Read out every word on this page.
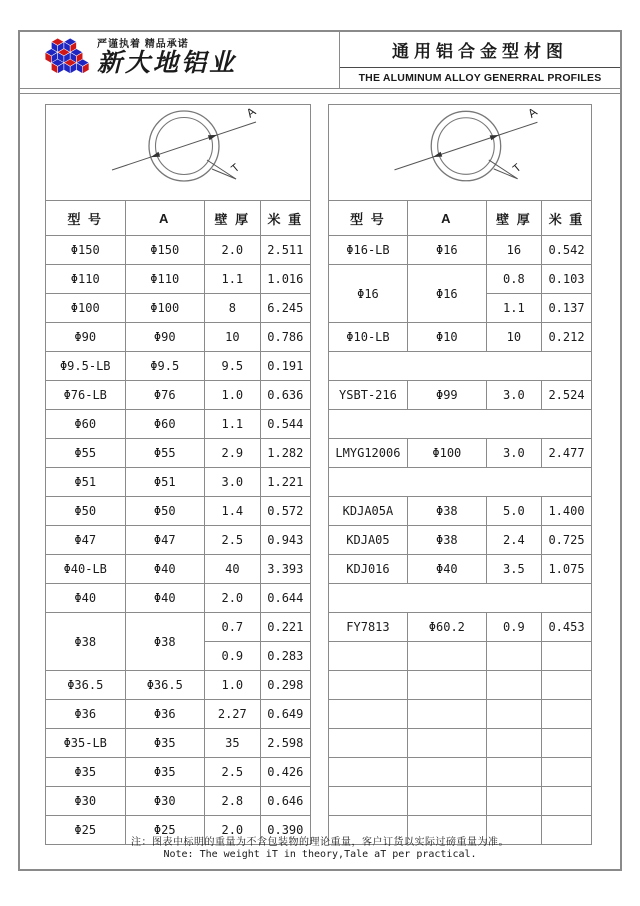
严谨执着 精品承诺
新大地铝业	通用铝合金型材图
THE ALUMINUM ALLOY GENERRAL PROFILES
A
T
型 号	A	壁 厚	米 重
Φ150	Φ150	2.0	2.511
Φ110	Φ110	1.1	1.016
Φ100	Φ100	8	6.245
Φ90	Φ90	10	0.786
Φ9.5-LB	Φ9.5	9.5	0.191
Φ76-LB	Φ76	1.0	0.636
Φ60	Φ60	1.1	0.544
Φ55	Φ55	2.9	1.282
Φ51	Φ51	3.0	1.221
Φ50	Φ50	1.4	0.572
Φ47	Φ47	2.5	0.943
Φ40-LB	Φ40	40	3.393
Φ40	Φ40	2.0	0.644
Φ38	Φ38	0.7	0.221
		0.9	0.283
Φ36.5	Φ36.5	1.0	0.298
Φ36	Φ36	2.27	0.649
Φ35-LB	Φ35	35	2.598
Φ35	Φ35	2.5	0.426
Φ30	Φ30	2.8	0.646
Φ25	Φ25	2.0	0.390
A
T
型 号	A	壁 厚	米 重
Φ16-LB	Φ16	16	0.542
Φ16	Φ16	0.8	0.103
		1.1	0.137
Φ10-LB	Φ10	10	0.212

YSBT-216	Φ99	3.0	2.524

LMYG12006	Φ100	3.0	2.477

KDJA05A	Φ38	5.0	1.400
KDJA05	Φ38	2.4	0.725
KDJ016	Φ40	3.5	1.075

FY7813	Φ60.2	0.9	0.453

注：图表中标明的重量为不含包装物的理论重量，客户订货以实际过磅重量为准。
Note: The weight iT in theory,Tale aT per practical.
